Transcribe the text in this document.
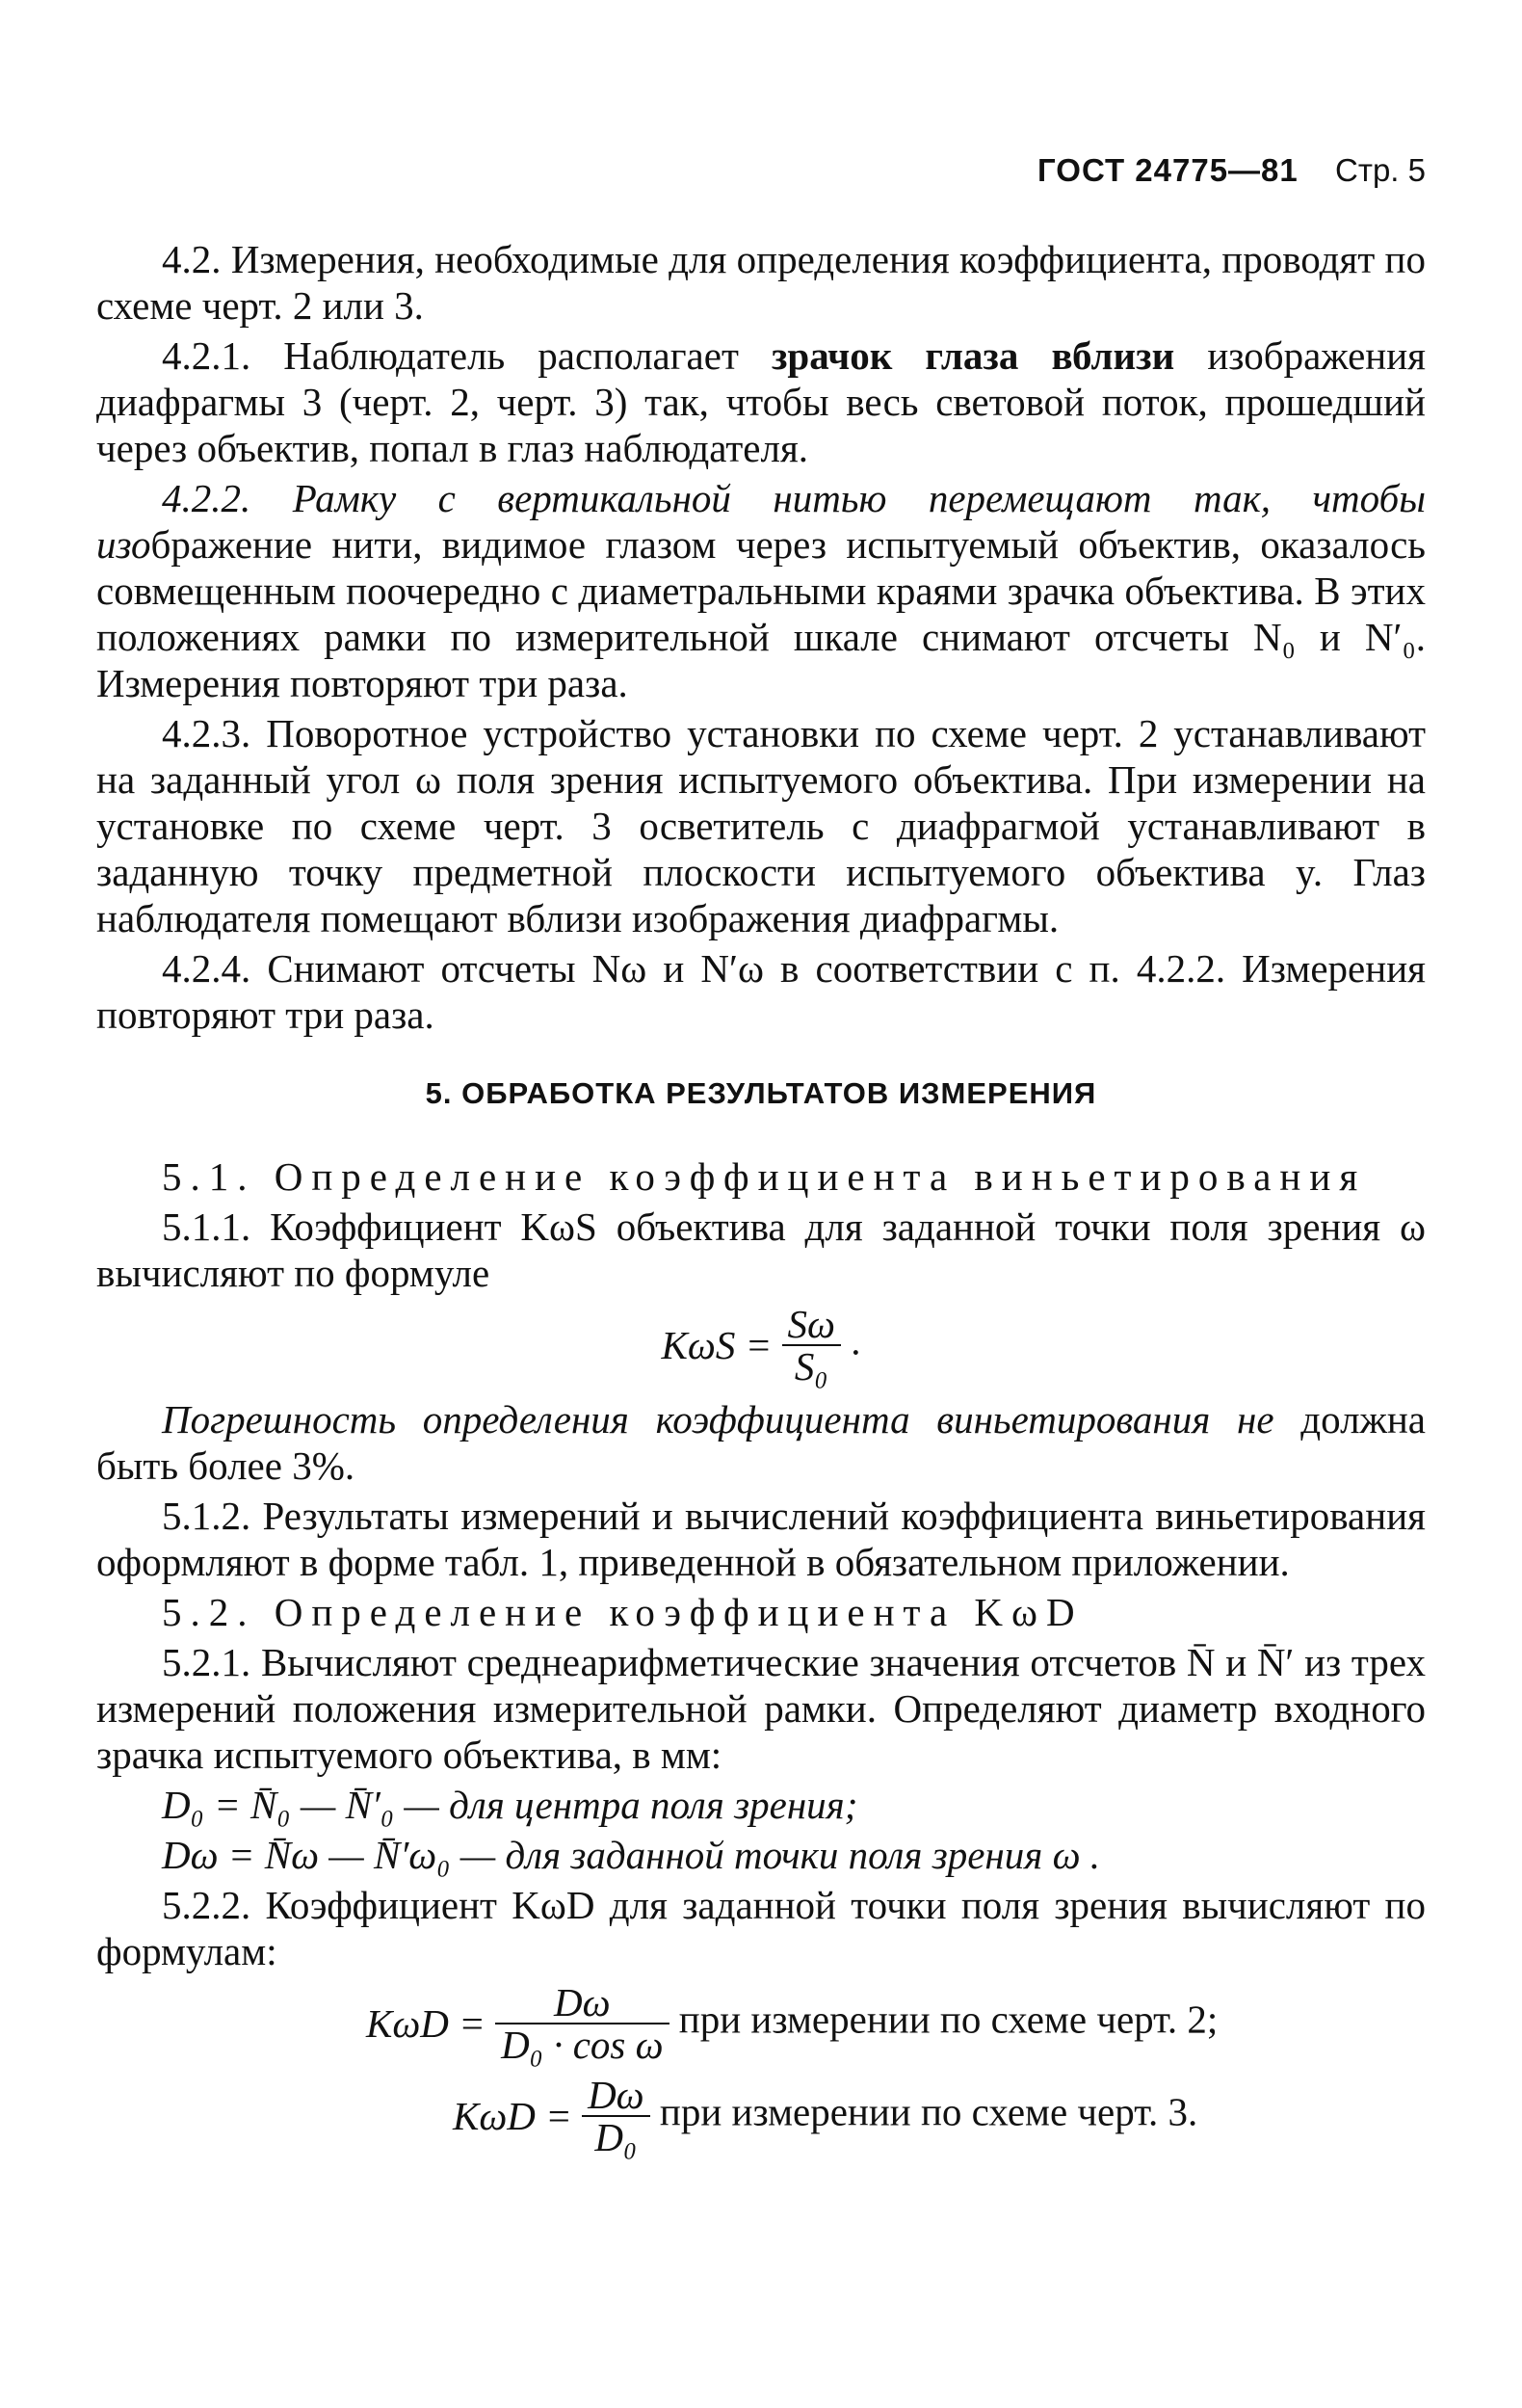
ГОСТ 24775—81 Стр. 5

4.2. Измерения, необходимые для определения коэффициента, проводят по схеме черт. 2 или 3.

4.2.1. Наблюдатель располагает зрачок глаза вблизи изображения диафрагмы 3 (черт. 2, черт. 3) так, чтобы весь световой поток, прошедший через объектив, попал в глаз наблюдателя.

4.2.2. Рамку с вертикальной нитью перемещают так, чтобы изображение нити, видимое глазом через испытуемый объектив, оказалось совмещенным поочередно с диаметральными краями зрачка объектива. В этих положениях рамки по измерительной шкале снимают отсчеты N₀ и N′₀. Измерения повторяют три раза.

4.2.3. Поворотное устройство установки по схеме черт. 2 устанавливают на заданный угол ω поля зрения испытуемого объектива. При измерении на установке по схеме черт. 3 осветитель с диафрагмой устанавливают в заданную точку предметной плоскости испытуемого объектива y. Глаз наблюдателя помещают вблизи изображения диафрагмы.

4.2.4. Снимают отсчеты Nω и N′ω в соответствии с п. 4.2.2. Измерения повторяют три раза.

5. ОБРАБОТКА РЕЗУЛЬТАТОВ ИЗМЕРЕНИЯ

5.1. Определение коэффициента виньетирования

5.1.1. Коэффициент KωS объектива для заданной точки поля зрения ω вычисляют по формуле

$K\omega S = \frac{S\omega}{\text{S₀}}$ .

Погрешность определения коэффициента виньетирования не должна быть более 3%.

5.1.2. Результаты измерений и вычислений коэффициента виньетирования оформляют в форме табл. 1, приведенной в обязательном приложении.

5.2. Определение коэффициента KωD

5.2.1. Вычисляют среднеарифметические значения отсчетов N̄ и N̄′ из трех измерений положения измерительной рамки. Определяют диаметр входного зрачка испытуемого объектива, в мм:

D₀ = N̄₀ — N̄′₀ — для центра поля зрения;

Dω = N̄ω — N̄′ω₀ — для заданной точки поля зрения ω .

5.2.2. Коэффициент KωD для заданной точки поля зрения вычисляют по формулам:

$K\omega D = \frac{D\omega}{\text{D₀ · cos ω}}$ при измерении по схеме черт. 2;
$K\omega D = \frac{D\omega}{\text{D₀}}$ при измерении по схеме черт. 3.
